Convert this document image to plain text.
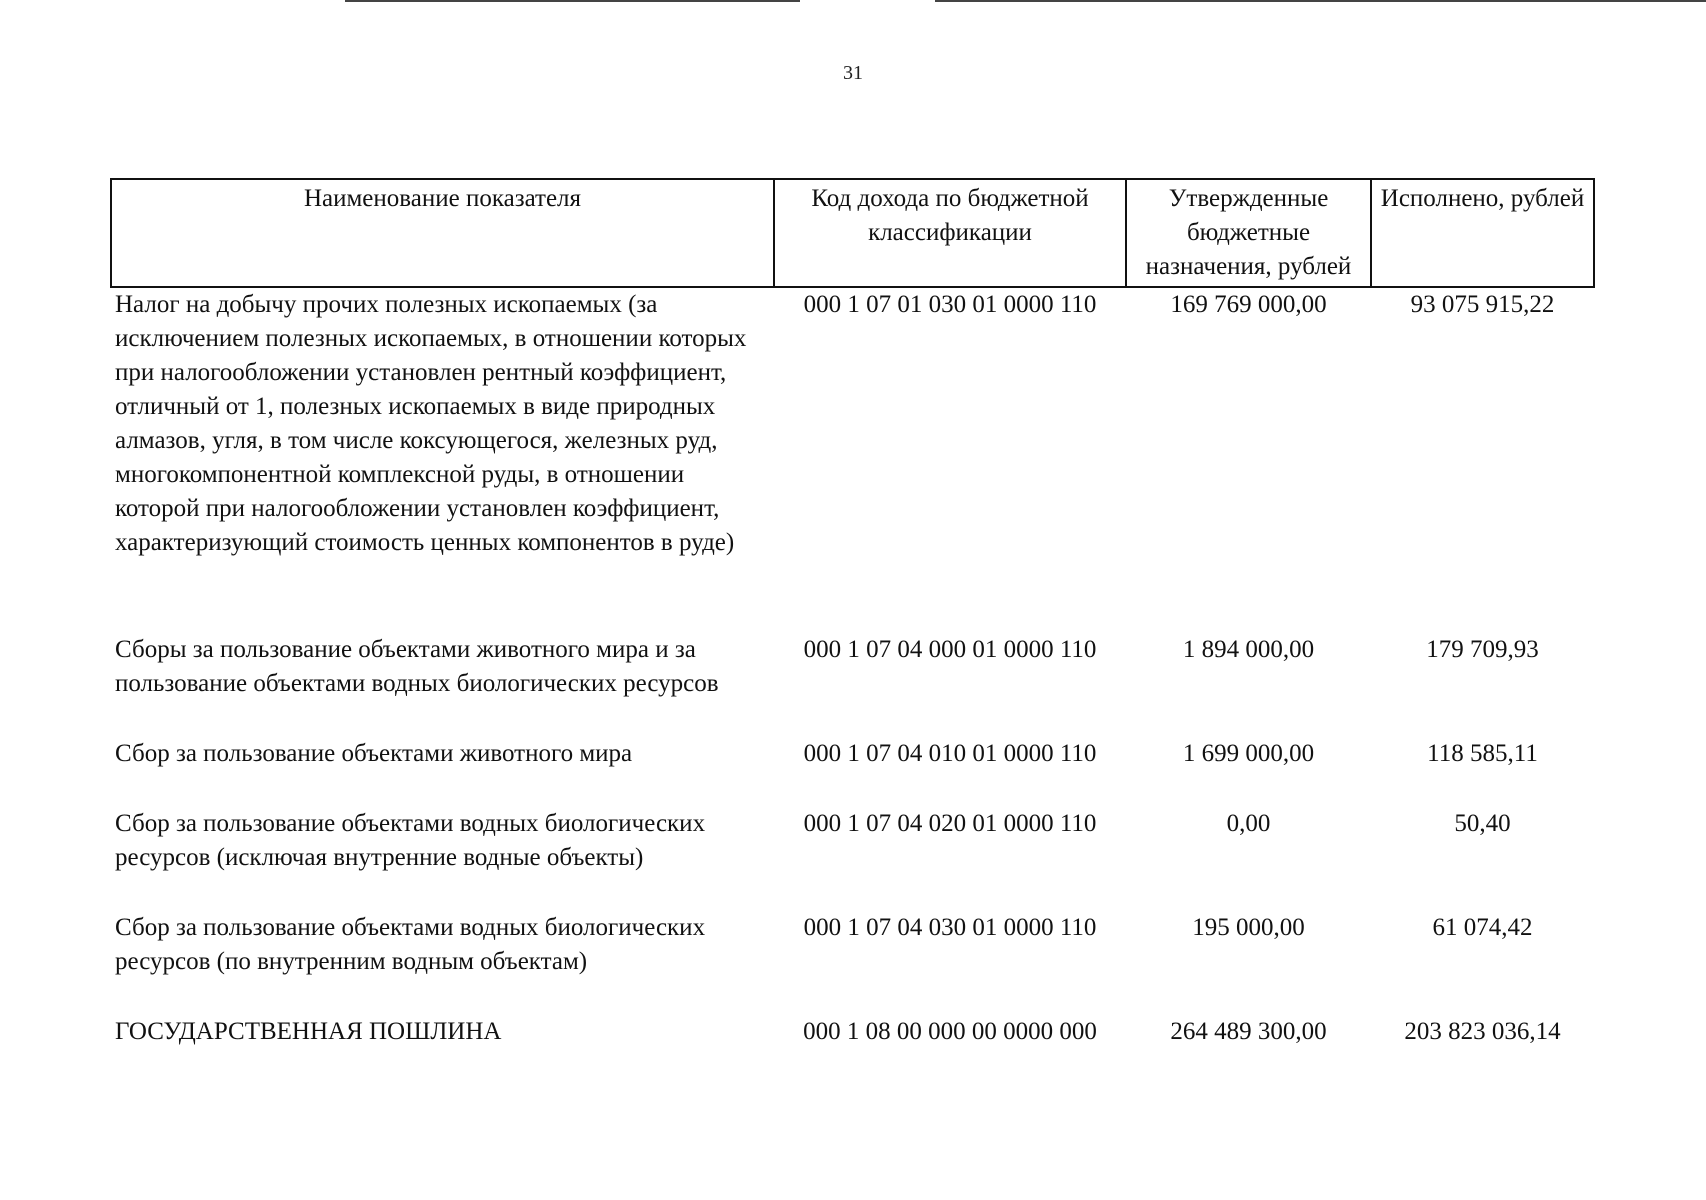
31
Наименование показателя	Код дохода по бюджетной классификации	Утвержденные бюджетные назначения, рублей	Исполнено, рублей
Налог на добычу прочих полезных ископаемых (за исключением полезных ископаемых, в отношении которых при налогообложении установлен рентный коэффициент, отличный от 1, полезных ископаемых в виде природных алмазов, угля, в том числе коксующегося, железных руд, многокомпонентной комплексной руды, в отношении которой при налогообложении установлен коэффициент, характеризующий стоимость ценных компонентов в руде)	000 1 07 01 030 01 0000 110	169 769 000,00	93 075 915,22
Сборы за пользование объектами животного мира и за пользование объектами водных биологических ресурсов	000 1 07 04 000 01 0000 110	1 894 000,00	179 709,93
Сбор за пользование объектами животного мира	000 1 07 04 010 01 0000 110	1 699 000,00	118 585,11
Сбор за пользование объектами водных биологических ресурсов (исключая внутренние водные объекты)	000 1 07 04 020 01 0000 110	0,00	50,40
Сбор за пользование объектами водных биологических ресурсов (по внутренним водным объектам)	000 1 07 04 030 01 0000 110	195 000,00	61 074,42
ГОСУДАРСТВЕННАЯ ПОШЛИНА	000 1 08 00 000 00 0000 000	264 489 300,00	203 823 036,14
